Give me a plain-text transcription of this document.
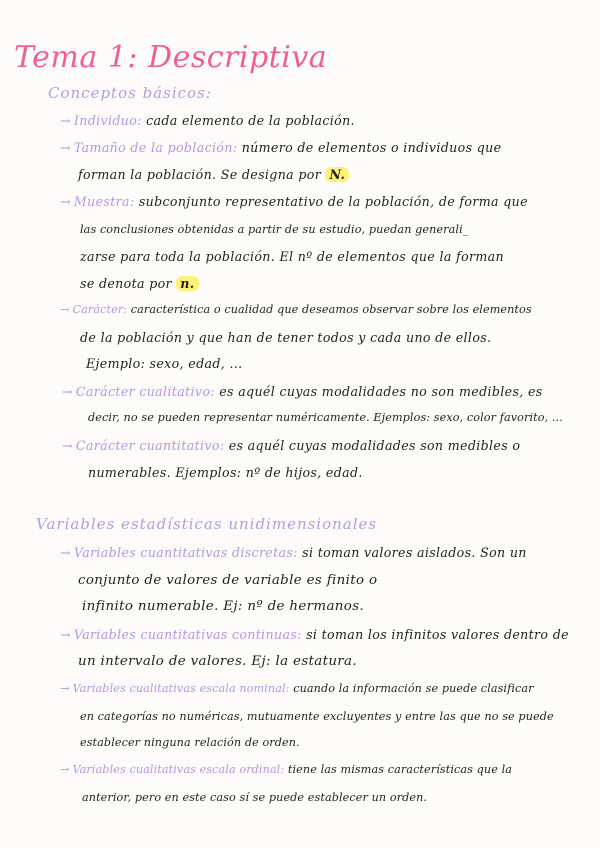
Tema 1: Descriptiva
Conceptos básicos:
→ Individuo: cada elemento de la población.
→ Tamaño de la población: número de elementos o individuos que
forman la población. Se designa por N.
→ Muestra: subconjunto representativo de la población, de forma que
las conclusiones obtenidas a partir de su estudio, puedan generali_
zarse para toda la población. El nº de elementos que la forman
se denota por n.
→ Carácter: característica o cualidad que deseamos observar sobre los elementos
de la población y que han de tener todos y cada uno de ellos.
Ejemplo: sexo, edad, ...
→ Carácter cualitativo: es aquél cuyas modalidades no son medibles, es
decir, no se pueden representar numéricamente. Ejemplos: sexo, color favorito, ...
→ Carácter cuantitativo: es aquél cuyas modalidades son medibles o
numerables. Ejemplos: nº de hijos, edad.
Variables estadísticas unidimensionales
→ Variables cuantitativas discretas: si toman valores aislados. Son un
conjunto de valores de variable es finito o
infinito numerable. Ej: nº de hermanos.
→ Variables cuantitativas continuas: si toman los infinitos valores dentro de
un intervalo de valores. Ej: la estatura.
→ Variables cualitativas escala nominal: cuando la información se puede clasificar
en categorías no numéricas, mutuamente excluyentes y entre las que no se puede
establecer ninguna relación de orden.
→ Variables cualitativas escala ordinal: tiene las mismas características que la
anterior, pero en este caso sí se puede establecer un orden.
